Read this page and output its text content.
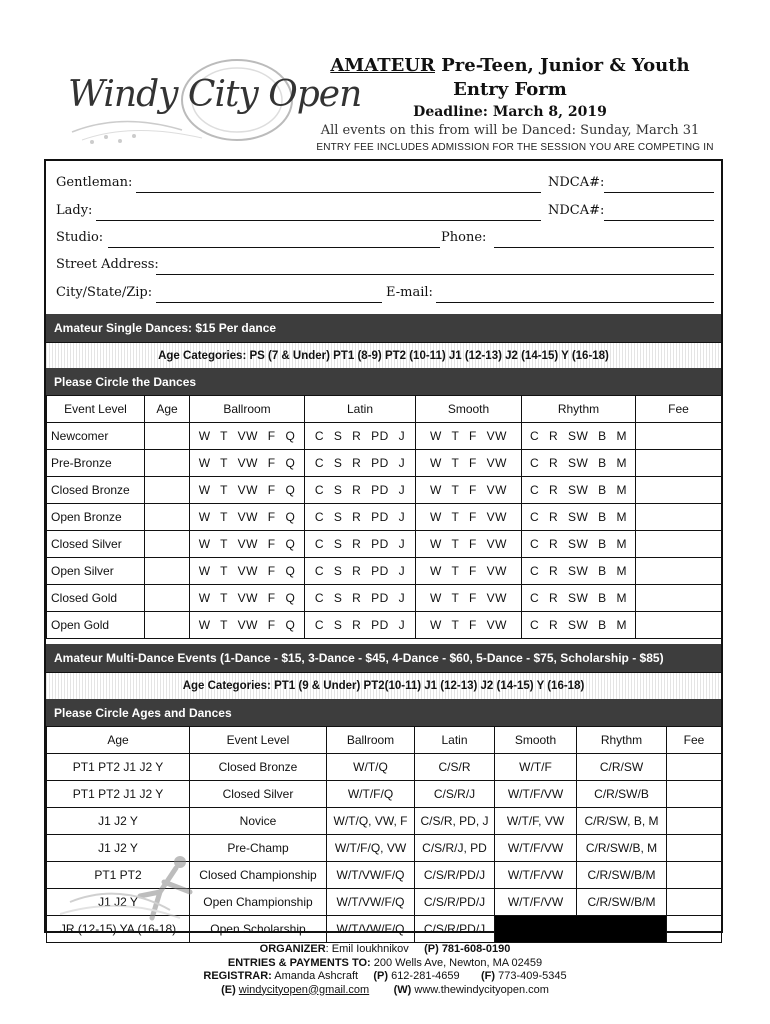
Windy City Open
AMATEUR Pre-Teen, Junior & Youth
Entry Form
Deadline: March 8, 2019
All events on this from will be Danced: Sunday, March 31
ENTRY FEE INCLUDES ADMISSION FOR THE SESSION YOU ARE COMPETING IN
Gentleman:	NDCA#:
Lady:	NDCA#:
Studio:	Phone:
Street Address:
City/State/Zip:	E-mail:
Amateur Single Dances: $15 Per dance
Age Categories: PS (7 & Under) PT1 (8-9) PT2 (10-11) J1 (12-13) J2 (14-15) Y (16-18)
Please Circle the Dances
Event Level	Age	Ballroom	Latin	Smooth	Rhythm	Fee
Newcomer		W T VW F Q	C S R PD J	W T F VW	C R SW B M	
Pre-Bronze		W T VW F Q	C S R PD J	W T F VW	C R SW B M	
Closed Bronze		W T VW F Q	C S R PD J	W T F VW	C R SW B M	
Open Bronze		W T VW F Q	C S R PD J	W T F VW	C R SW B M	
Closed Silver		W T VW F Q	C S R PD J	W T F VW	C R SW B M	
Open Silver		W T VW F Q	C S R PD J	W T F VW	C R SW B M	
Closed Gold		W T VW F Q	C S R PD J	W T F VW	C R SW B M	
Open Gold		W T VW F Q	C S R PD J	W T F VW	C R SW B M	
Amateur Multi-Dance Events (1-Dance - $15, 3-Dance - $45, 4-Dance - $60, 5-Dance - $75, Scholarship - $85)
Age Categories: PT1 (9 & Under) PT2(10-11) J1 (12-13) J2 (14-15) Y (16-18)
Please Circle Ages and Dances
Age	Event Level	Ballroom	Latin	Smooth	Rhythm	Fee
PT1 PT2 J1 J2 Y	Closed Bronze	W/T/Q	C/S/R	W/T/F	C/R/SW	
PT1 PT2 J1 J2 Y	Closed Silver	W/T/F/Q	C/S/R/J	W/T/F/VW	C/R/SW/B	
J1 J2 Y	Novice	W/T/Q, VW, F	C/S/R, PD, J	W/T/F, VW	C/R/SW, B, M	
J1 J2 Y	Pre-Champ	W/T/F/Q, VW	C/S/R/J, PD	W/T/F/VW	C/R/SW/B, M	
PT1 PT2	Closed Championship	W/T/VW/F/Q	C/S/R/PD/J	W/T/F/VW	C/R/SW/B/M	
J1 J2 Y	Open Championship	W/T/VW/F/Q	C/S/R/PD/J	W/T/F/VW	C/R/SW/B/M	
JR (12-15) YA (16-18)	Open Scholarship	W/T/VW/F/Q	C/S/R/PD/J			
ORGANIZER: Emil Ioukhnikov (P) 781-608-0190
ENTRIES & PAYMENTS TO: 200 Wells Ave, Newton, MA 02459
REGISTRAR: Amanda Ashcraft (P) 612-281-4659 (F) 773-409-5345
(E) windycityopen@gmail.com (W) www.thewindycityopen.com
